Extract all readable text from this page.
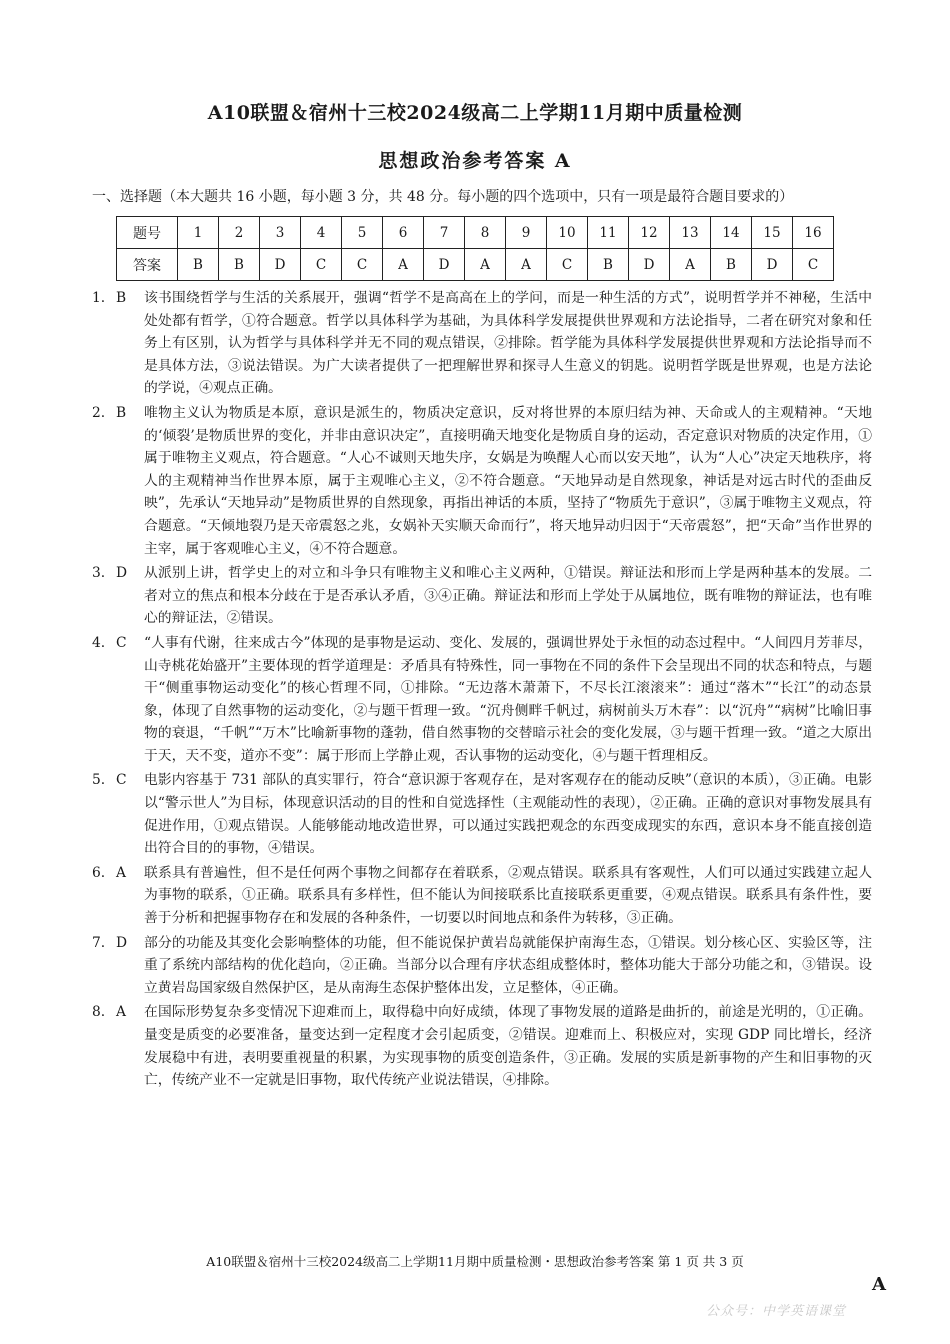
A10联盟＆宿州十三校2024级高二上学期11月期中质量检测
思想政治参考答案 A
一、选择题（本大题共 16 小题，每小题 3 分，共 48 分。每小题的四个选项中，只有一项是最符合题目要求的）
题号	1	2	3	4	5	6	7	8	9	10	11	12	13	14	15	16
答案	B	B	D	C	C	A	D	A	A	C	B	D	A	B	D	C
1. B 该书围绕哲学与生活的关系展开，强调“哲学不是高高在上的学问，而是一种生活的方式”，说明哲学并不神秘，生活中处处都有哲学，①符合题意。哲学以具体科学为基础，为具体科学发展提供世界观和方法论指导，二者在研究对象和任务上有区别，认为哲学与具体科学并无不同的观点错误，②排除。哲学能为具体科学发展提供世界观和方法论指导而不是具体方法，③说法错误。为广大读者提供了一把理解世界和探寻人生意义的钥匙。说明哲学既是世界观，也是方法论的学说，④观点正确。
2. B 唯物主义认为物质是本原，意识是派生的，物质决定意识，反对将世界的本原归结为神、天命或人的主观精神。“天地的‘倾裂’是物质世界的变化，并非由意识决定”，直接明确天地变化是物质自身的运动，否定意识对物质的决定作用，①属于唯物主义观点，符合题意。“人心不诚则天地失序，女娲是为唤醒人心而以安天地”，认为“人心”决定天地秩序，将人的主观精神当作世界本原，属于主观唯心主义，②不符合题意。“天地异动是自然现象，神话是对远古时代的歪曲反映”，先承认“天地异动”是物质世界的自然现象，再指出神话的本质，坚持了“物质先于意识”，③属于唯物主义观点，符合题意。“天倾地裂乃是天帝震怒之兆，女娲补天实顺天命而行”，将天地异动归因于“天帝震怒”，把“天命”当作世界的主宰，属于客观唯心主义，④不符合题意。
3. D 从派别上讲，哲学史上的对立和斗争只有唯物主义和唯心主义两种，①错误。辩证法和形而上学是两种基本的发展。二者对立的焦点和根本分歧在于是否承认矛盾，③④正确。辩证法和形而上学处于从属地位，既有唯物的辩证法，也有唯心的辩证法，②错误。
4. C “人事有代谢，往来成古今”体现的是事物是运动、变化、发展的，强调世界处于永恒的动态过程中。“人间四月芳菲尽，山寺桃花始盛开”主要体现的哲学道理是：矛盾具有特殊性，同一事物在不同的条件下会呈现出不同的状态和特点，与题干“侧重事物运动变化”的核心哲理不同，①排除。“无边落木萧萧下，不尽长江滚滚来”：通过“落木”“长江”的动态景象，体现了自然事物的运动变化，②与题干哲理一致。“沉舟侧畔千帆过，病树前头万木春”：以“沉舟”“病树”比喻旧事物的衰退，“千帆”“万木”比喻新事物的蓬勃，借自然事物的交替暗示社会的变化发展，③与题干哲理一致。“道之大原出于天，天不变，道亦不变”：属于形而上学静止观，否认事物的运动变化，④与题干哲理相反。
5. C 电影内容基于 731 部队的真实罪行，符合“意识源于客观存在，是对客观存在的能动反映”（意识的本质），③正确。电影以“警示世人”为目标，体现意识活动的目的性和自觉选择性（主观能动性的表现），②正确。正确的意识对事物发展具有促进作用，①观点错误。人能够能动地改造世界，可以通过实践把观念的东西变成现实的东西，意识本身不能直接创造出符合目的的事物，④错误。
6. A 联系具有普遍性，但不是任何两个事物之间都存在着联系，②观点错误。联系具有客观性，人们可以通过实践建立起人为事物的联系，①正确。联系具有多样性，但不能认为间接联系比直接联系更重要，④观点错误。联系具有条件性，要善于分析和把握事物存在和发展的各种条件，一切要以时间地点和条件为转移，③正确。
7. D 部分的功能及其变化会影响整体的功能，但不能说保护黄岩岛就能保护南海生态，①错误。划分核心区、实验区等，注重了系统内部结构的优化趋向，②正确。当部分以合理有序状态组成整体时，整体功能大于部分功能之和，③错误。设立黄岩岛国家级自然保护区，是从南海生态保护整体出发，立足整体，④正确。
8. A 在国际形势复杂多变情况下迎难而上，取得稳中向好成绩，体现了事物发展的道路是曲折的，前途是光明的，①正确。量变是质变的必要准备，量变达到一定程度才会引起质变，②错误。迎难而上、积极应对，实现 GDP 同比增长，经济发展稳中有进，表明要重视量的积累，为实现事物的质变创造条件，③正确。发展的实质是新事物的产生和旧事物的灭亡，传统产业不一定就是旧事物，取代传统产业说法错误，④排除。
A10联盟＆宿州十三校2024级高二上学期11月期中质量检测・思想政治参考答案 第 1 页 共 3 页
A
公众号：中学英语课堂
